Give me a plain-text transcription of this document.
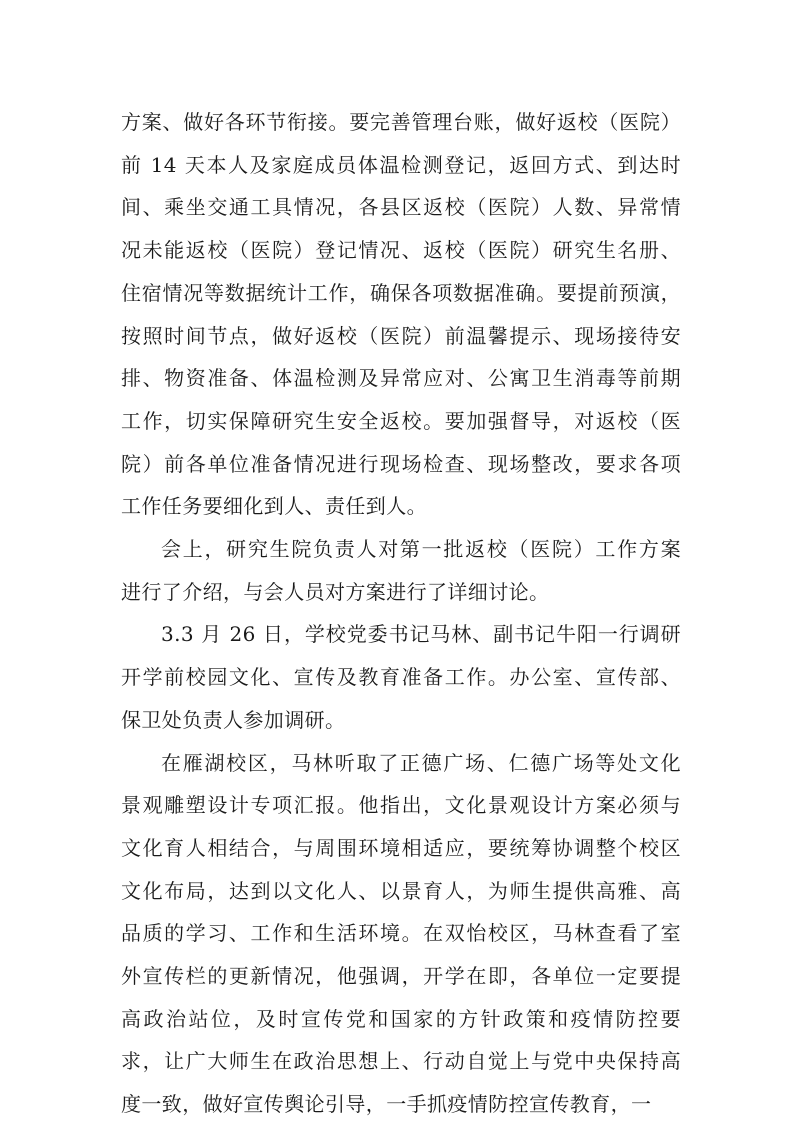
方案、做好各环节衔接。要完善管理台账，做好返校（医院）
前 14 天本人及家庭成员体温检测登记，返回方式、到达时
间、乘坐交通工具情况，各县区返校（医院）人数、异常情
况未能返校（医院）登记情况、返校（医院）研究生名册、
住宿情况等数据统计工作，确保各项数据准确。要提前预演，
按照时间节点，做好返校（医院）前温馨提示、现场接待安
排、物资准备、体温检测及异常应对、公寓卫生消毒等前期
工作，切实保障研究生安全返校。要加强督导，对返校（医
院）前各单位准备情况进行现场检查、现场整改，要求各项
工作任务要细化到人、责任到人。
会上，研究生院负责人对第一批返校（医院）工作方案
进行了介绍，与会人员对方案进行了详细讨论。
3.3 月 26 日，学校党委书记马林、副书记牛阳一行调研
开学前校园文化、宣传及教育准备工作。办公室、宣传部、
保卫处负责人参加调研。
在雁湖校区，马林听取了正德广场、仁德广场等处文化
景观雕塑设计专项汇报。他指出，文化景观设计方案必须与
文化育人相结合，与周围环境相适应，要统筹协调整个校区
文化布局，达到以文化人、以景育人，为师生提供高雅、高
品质的学习、工作和生活环境。在双怡校区，马林查看了室
外宣传栏的更新情况，他强调，开学在即，各单位一定要提
高政治站位，及时宣传党和国家的方针政策和疫情防控要
求，让广大师生在政治思想上、行动自觉上与党中央保持高
度一致，做好宣传舆论引导，一手抓疫情防控宣传教育，一
